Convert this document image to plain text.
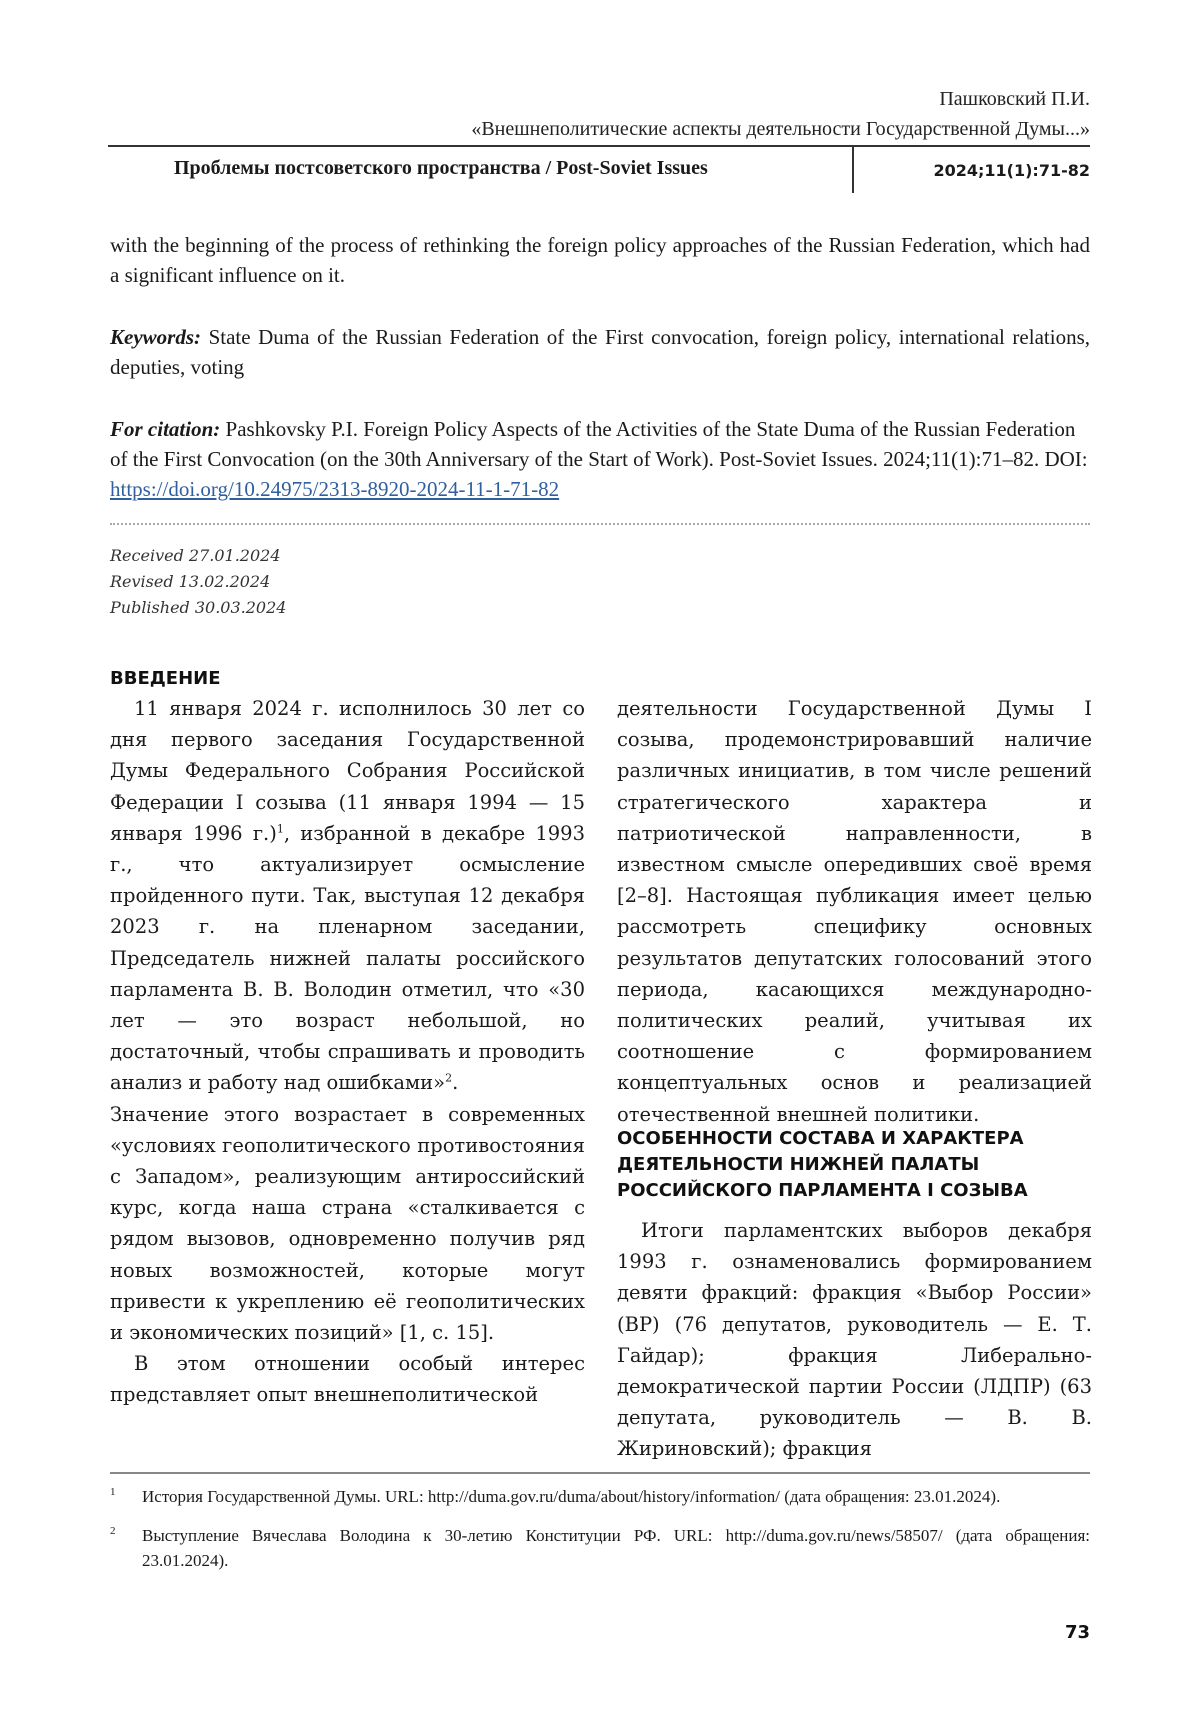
Пашковский П.И.
«Внешнеполитические аспекты деятельности Государственной Думы...»
Проблемы постсоветского пространства / Post-Soviet Issues	2024;11(1):71-82
with the beginning of the process of rethinking the foreign policy approaches of the Russian Federation, which had a significant influence on it.
Keywords: State Duma of the Russian Federation of the First convocation, foreign policy, international relations, deputies, voting
For citation: Pashkovsky P.I. Foreign Policy Aspects of the Activities of the State Duma of the Russian Federation of the First Convocation (on the 30th Anniversary of the Start of Work). Post-Soviet Issues. 2024;11(1):71–82. DOI: https://doi.org/10.24975/2313-8920-2024-11-1-71-82
Received 27.01.2024
Revised 13.02.2024
Published 30.03.2024
ВВЕДЕНИЕ

11 января 2024 г. исполнилось 30 лет со дня первого заседания Государственной Думы Федерального Собрания Российской Федерации I созыва (11 января 1994 — 15 января 1996 г.)$^1$, избранной в декабре 1993 г., что актуализирует осмысление пройденного пути. Так, выступая 12 декабря 2023 г. на пленарном заседании, Председатель нижней палаты российского парламента В. В. Володин отметил, что «30 лет — это возраст небольшой, но достаточный, чтобы спрашивать и проводить анализ и работу над ошибками»$^2$.

Значение этого возрастает в современных «условиях геополитического противостояния с Западом», реализующим антироссийский курс, когда наша страна «сталкивается с рядом вызовов, одновременно получив ряд новых возможностей, которые могут привести к укреплению её геополитических и экономических позиций» [1, с. 15].

В этом отношении особый интерес представляет опыт внешнеполитической

деятельности Государственной Думы I созыва, продемонстрировавший наличие различных инициатив, в том числе решений стратегического характера и патриотической направленности, в известном смысле опередивших своё время [2–8]. Настоящая публикация имеет целью рассмотреть специфику основных результатов депутатских голосований этого периода, касающихся международно-политических реалий, учитывая их соотношение с формированием концептуальных основ и реализацией отечественной внешней политики.

ОСОБЕННОСТИ СОСТАВА И ХАРАКТЕРА ДЕЯТЕЛЬНОСТИ НИЖНЕЙ ПАЛАТЫ РОССИЙСКОГО ПАРЛАМЕНТА I СОЗЫВА

Итоги парламентских выборов декабря 1993 г. ознаменовались формированием девяти фракций: фракция «Выбор России» (ВР) (76 депутатов, руководитель — Е. Т. Гайдар); фракция Либерально-демократической партии России (ЛДПР) (63 депутата, руководитель — В. В. Жириновский); фракция

1 История Государственной Думы. URL: http://duma.gov.ru/duma/about/history/information/ (дата обращения: 23.01.2024).
2 Выступление Вячеслава Володина к 30-летию Конституции РФ. URL: http://duma.gov.ru/news/58507/ (дата обращения: 23.01.2024).
73
